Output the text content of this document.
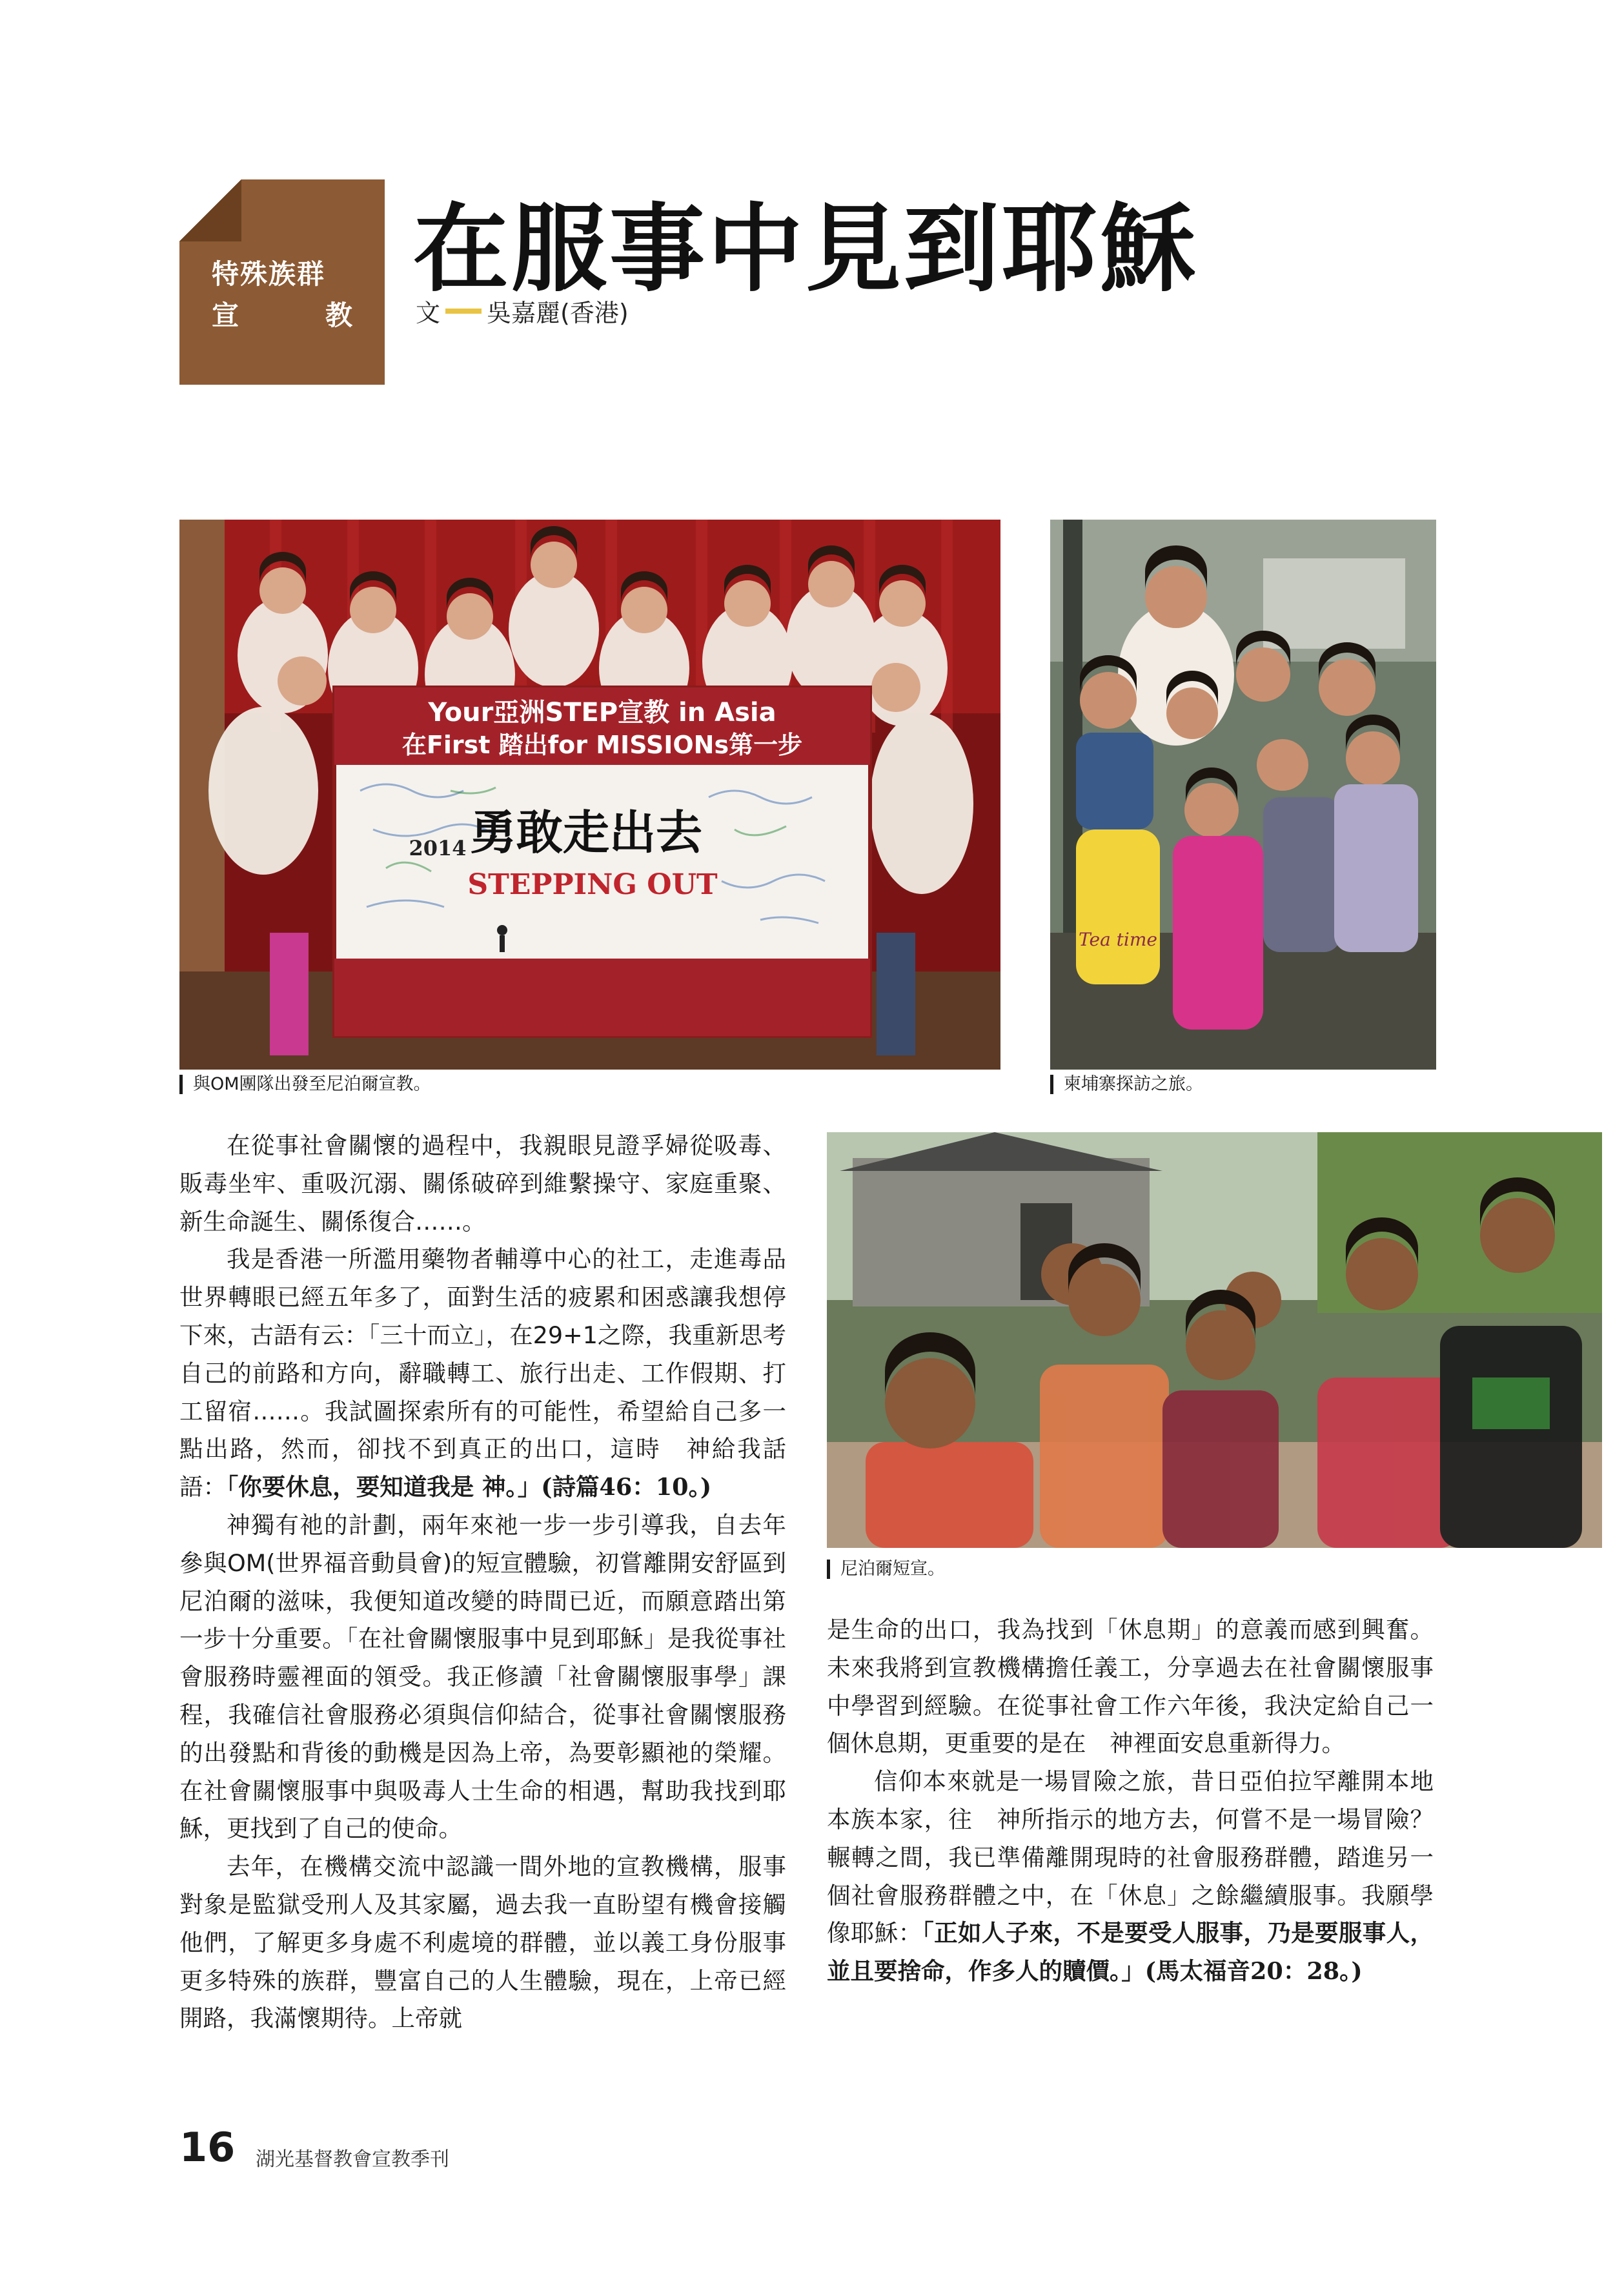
特殊族群
宣	教
在服事中見到耶穌
文 吳嘉麗(香港)
Your亞洲STEP宣教 in Asia
在First 踏出for MISSIONs第一步
勇敢走出去
2014
STEPPING OUT
與OM團隊出發至尼泊爾宣教。
Tea time
柬埔寨探訪之旅。
尼泊爾短宣。

在從事社會關懷的過程中，我親眼見證孚婦從吸毒、販毒坐牢、重吸沉溺、關係破碎到維繫操守、家庭重聚、新生命誕生、關係復合……。

我是香港一所濫用藥物者輔導中心的社工，走進毒品世界轉眼已經五年多了，面對生活的疲累和困惑讓我想停下來，古語有云：「三十而立」，在29+1之際，我重新思考自己的前路和方向，辭職轉工、旅行出走、工作假期、打工留宿……。我試圖探索所有的可能性，希望給自己多一點出路，然而，卻找不到真正的出口，這時　神給我話語：「你要休息，要知道我是 神。」(詩篇46：10。)

神獨有祂的計劃，兩年來祂一步一步引導我，自去年參與OM(世界福音動員會)的短宣體驗，初嘗離開安舒區到尼泊爾的滋味，我便知道改變的時間已近，而願意踏出第一步十分重要。「在社會關懷服事中見到耶穌」是我從事社會服務時靈裡面的領受。我正修讀「社會關懷服事學」課程，我確信社會服務必須與信仰結合，從事社會關懷服務的出發點和背後的動機是因為上帝，為要彰顯祂的榮耀。在社會關懷服事中與吸毒人士生命的相遇，幫助我找到耶穌，更找到了自己的使命。

去年，在機構交流中認識一間外地的宣教機構，服事對象是監獄受刑人及其家屬，過去我一直盼望有機會接觸他們，了解更多身處不利處境的群體，並以義工身份服事更多特殊的族群，豐富自己的人生體驗，現在，上帝已經開路，我滿懷期待。上帝就

是生命的出口，我為找到「休息期」的意義而感到興奮。未來我將到宣教機構擔任義工，分享過去在社會關懷服事中學習到經驗。在從事社會工作六年後，我決定給自己一個休息期，更重要的是在　神裡面安息重新得力。

信仰本來就是一場冒險之旅，昔日亞伯拉罕離開本地本族本家，往　神所指示的地方去，何嘗不是一場冒險？輾轉之間，我已準備離開現時的社會服務群體，踏進另一個社會服務群體之中，在「休息」之餘繼續服事。我願學像耶穌：「正如人子來，不是要受人服事，乃是要服事人，並且要捨命，作多人的贖價。」(馬太福音20：28。)

16 湖光基督教會宣教季刊
